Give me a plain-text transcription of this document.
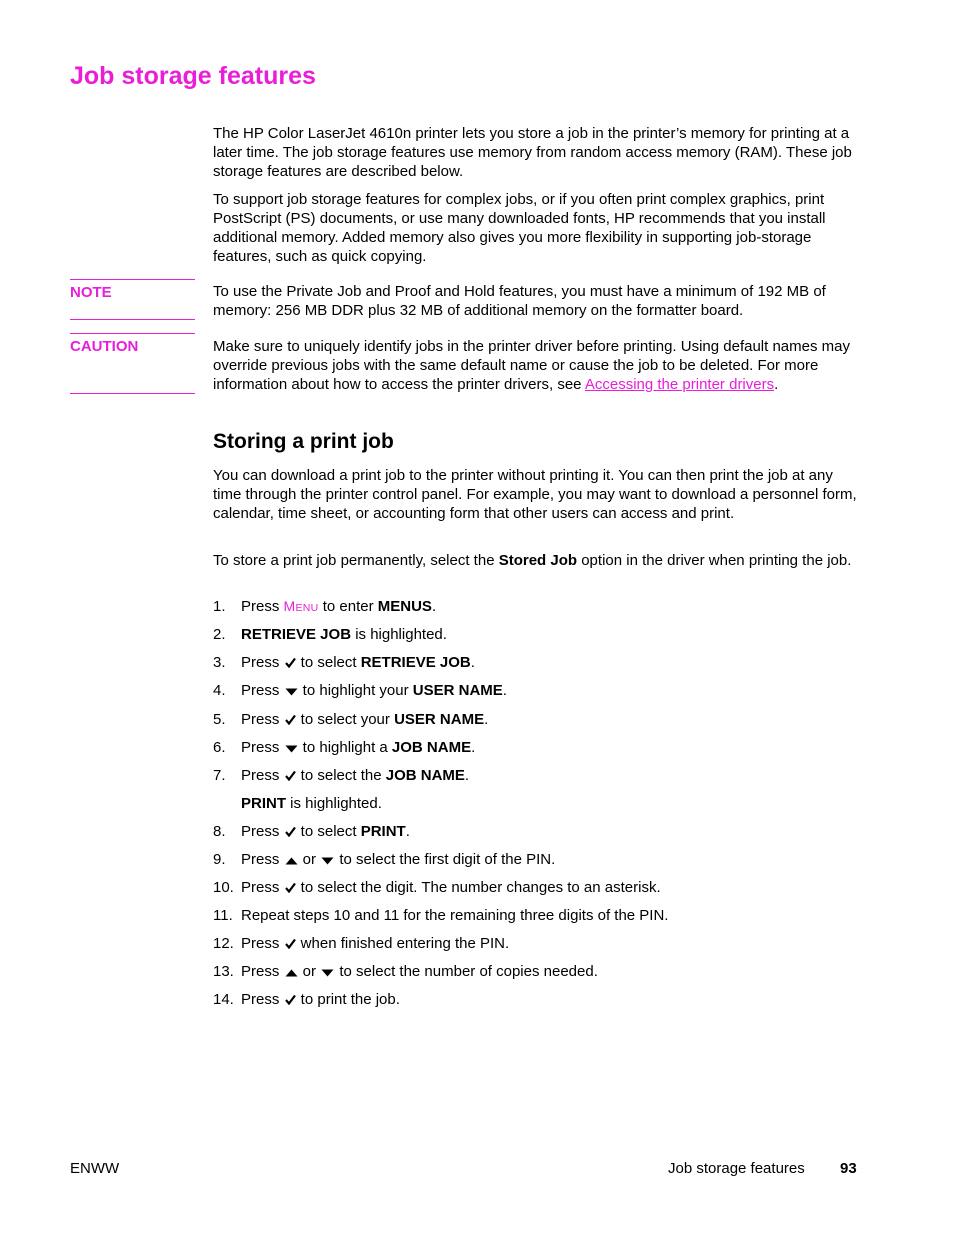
Job storage features

The HP Color LaserJet 4610n printer lets you store a job in the printer’s memory for printing at a later time. The job storage features use memory from random access memory (RAM). These job storage features are described below.

To support job storage features for complex jobs, or if you often print complex graphics, print PostScript (PS) documents, or use many downloaded fonts, HP recommends that you install additional memory. Added memory also gives you more flexibility in supporting job-storage features, such as quick copying.

NOTE	To use the Private Job and Proof and Hold features, you must have a minimum of 192 MB of memory: 256 MB DDR plus 32 MB of additional memory on the formatter board.

CAUTION	Make sure to uniquely identify jobs in the printer driver before printing. Using default names may override previous jobs with the same default name or cause the job to be deleted. For more information about how to access the printer drivers, see Accessing the printer drivers.

Storing a print job

You can download a print job to the printer without printing it. You can then print the job at any time through the printer control panel. For example, you may want to download a personnel form, calendar, time sheet, or accounting form that other users can access and print.

To store a print job permanently, select the Stored Job option in the driver when printing the job.

1. Press MENU to enter MENUS.
2. RETRIEVE JOB is highlighted.
3. Press  to select RETRIEVE JOB.
4. Press  to highlight your USER NAME.
5. Press  to select your USER NAME.
6. Press  to highlight a JOB NAME.
7. Press  to select the JOB NAME.
PRINT is highlighted.
8. Press  to select PRINT.
9. Press  or  to select the first digit of the PIN.
10. Press  to select the digit. The number changes to an asterisk.
11. Repeat steps 10 and 11 for the remaining three digits of the PIN.
12. Press  when finished entering the PIN.
13. Press  or  to select the number of copies needed.
14. Press  to print the job.
ENWW	Job storage features 93
